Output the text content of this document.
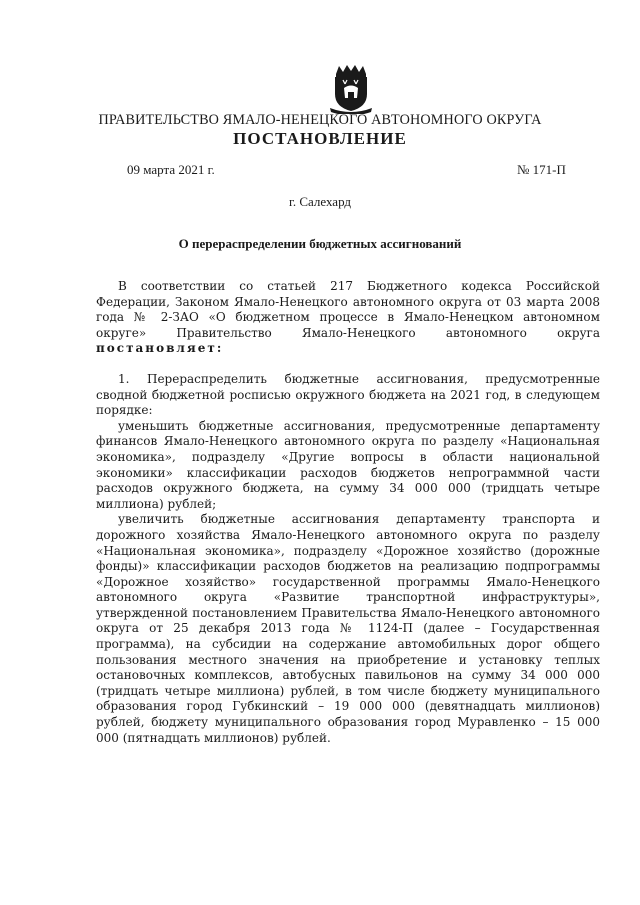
ПРАВИТЕЛЬСТВО ЯМАЛО-НЕНЕЦКОГО АВТОНОМНОГО ОКРУГА
ПОСТАНОВЛЕНИЕ
09 марта 2021 г.	№ 171-П
г. Салехард
О перераспределении бюджетных ассигнований

В соответствии со статьей 217 Бюджетного кодекса Российской Федерации, Законом Ямало-Ненецкого автономного округа от 03 марта 2008 года № 2-ЗАО «О бюджетном процессе в Ямало-Ненецком автономном округе» Правительство Ямало-Ненецкого автономного округа постановляет:

1. Перераспределить бюджетные ассигнования, предусмотренные сводной бюджетной росписью окружного бюджета на 2021 год, в следующем порядке:

уменьшить бюджетные ассигнования, предусмотренные департаменту финансов Ямало-Ненецкого автономного округа по разделу «Национальная экономика», подразделу «Другие вопросы в области национальной экономики» классификации расходов бюджетов непрограммной части расходов окружного бюджета, на сумму 34 000 000 (тридцать четыре миллиона) рублей;

увеличить бюджетные ассигнования департаменту транспорта и дорожного хозяйства Ямало-Ненецкого автономного округа по разделу «Национальная экономика», подразделу «Дорожное хозяйство (дорожные фонды)» классификации расходов бюджетов на реализацию подпрограммы «Дорожное хозяйство» государственной программы Ямало-Ненецкого автономного округа «Развитие транспортной инфраструктуры», утвержденной постановлением Правительства Ямало-Ненецкого автономного округа от 25 декабря 2013 года № 1124-П (далее – Государственная программа), на субсидии на содержание автомобильных дорог общего пользования местного значения на приобретение и установку теплых остановочных комплексов, автобусных павильонов на сумму 34 000 000 (тридцать четыре миллиона) рублей, в том числе бюджету муниципального образования город Губкинский – 19 000 000 (девятнадцать миллионов) рублей, бюджету муниципального образования город Муравленко – 15 000 000 (пятнадцать миллионов) рублей.
